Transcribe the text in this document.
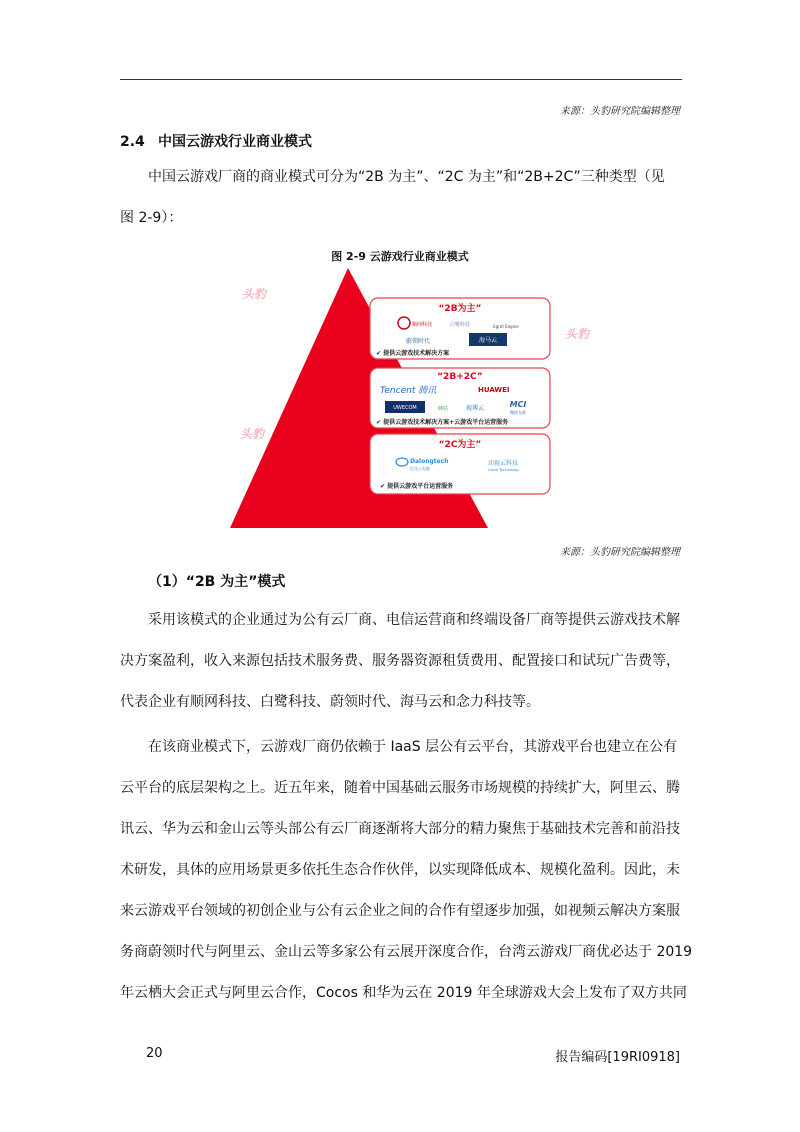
来源：头豹研究院编辑整理
2.4 中国云游戏行业商业模式

中国云游戏厂商的商业模式可分为“2B 为主”、“2C 为主”和“2B+2C”三种类型（见
图 2-9）：

图 2-9 云游戏行业商业模式
头豹
头豹
头豹
“2B为主”
顺网科技	白鹭科技	Egret Engine
蔚领时代	海马云
✔ 提供云游戏技术解决方案
“2B+2C”
Tencent 腾讯	HUAWEI
UWECOM	咪咕	视博云	MCI
微核互联
✔ 提供云游戏技术解决方案+云游戏平台运营服务
“2C为主”
Dalongtech
达龙云电脑
动视云科技
Cloud Technology
✔ 提供云游戏平台运营服务
来源：头豹研究院编辑整理
（1）“2B 为主”模式

采用该模式的企业通过为公有云厂商、电信运营商和终端设备厂商等提供云游戏技术解
决方案盈利，收入来源包括技术服务费、服务器资源租赁费用、配置接口和试玩广告费等，
代表企业有顺网科技、白鹭科技、蔚领时代、海马云和念力科技等。

在该商业模式下，云游戏厂商仍依赖于 IaaS 层公有云平台，其游戏平台也建立在公有
云平台的底层架构之上。近五年来，随着中国基础云服务市场规模的持续扩大，阿里云、腾
讯云、华为云和金山云等头部公有云厂商逐渐将大部分的精力聚焦于基础技术完善和前沿技
术研发，具体的应用场景更多依托生态合作伙伴，以实现降低成本、规模化盈利。因此，未
来云游戏平台领域的初创企业与公有云企业之间的合作有望逐步加强，如视频云解决方案服
务商蔚领时代与阿里云、金山云等多家公有云展开深度合作，台湾云游戏厂商优必达于 2019
年云栖大会正式与阿里云合作，Cocos 和华为云在 2019 年全球游戏大会上发布了双方共同

20	报告编码[19RI0918]
